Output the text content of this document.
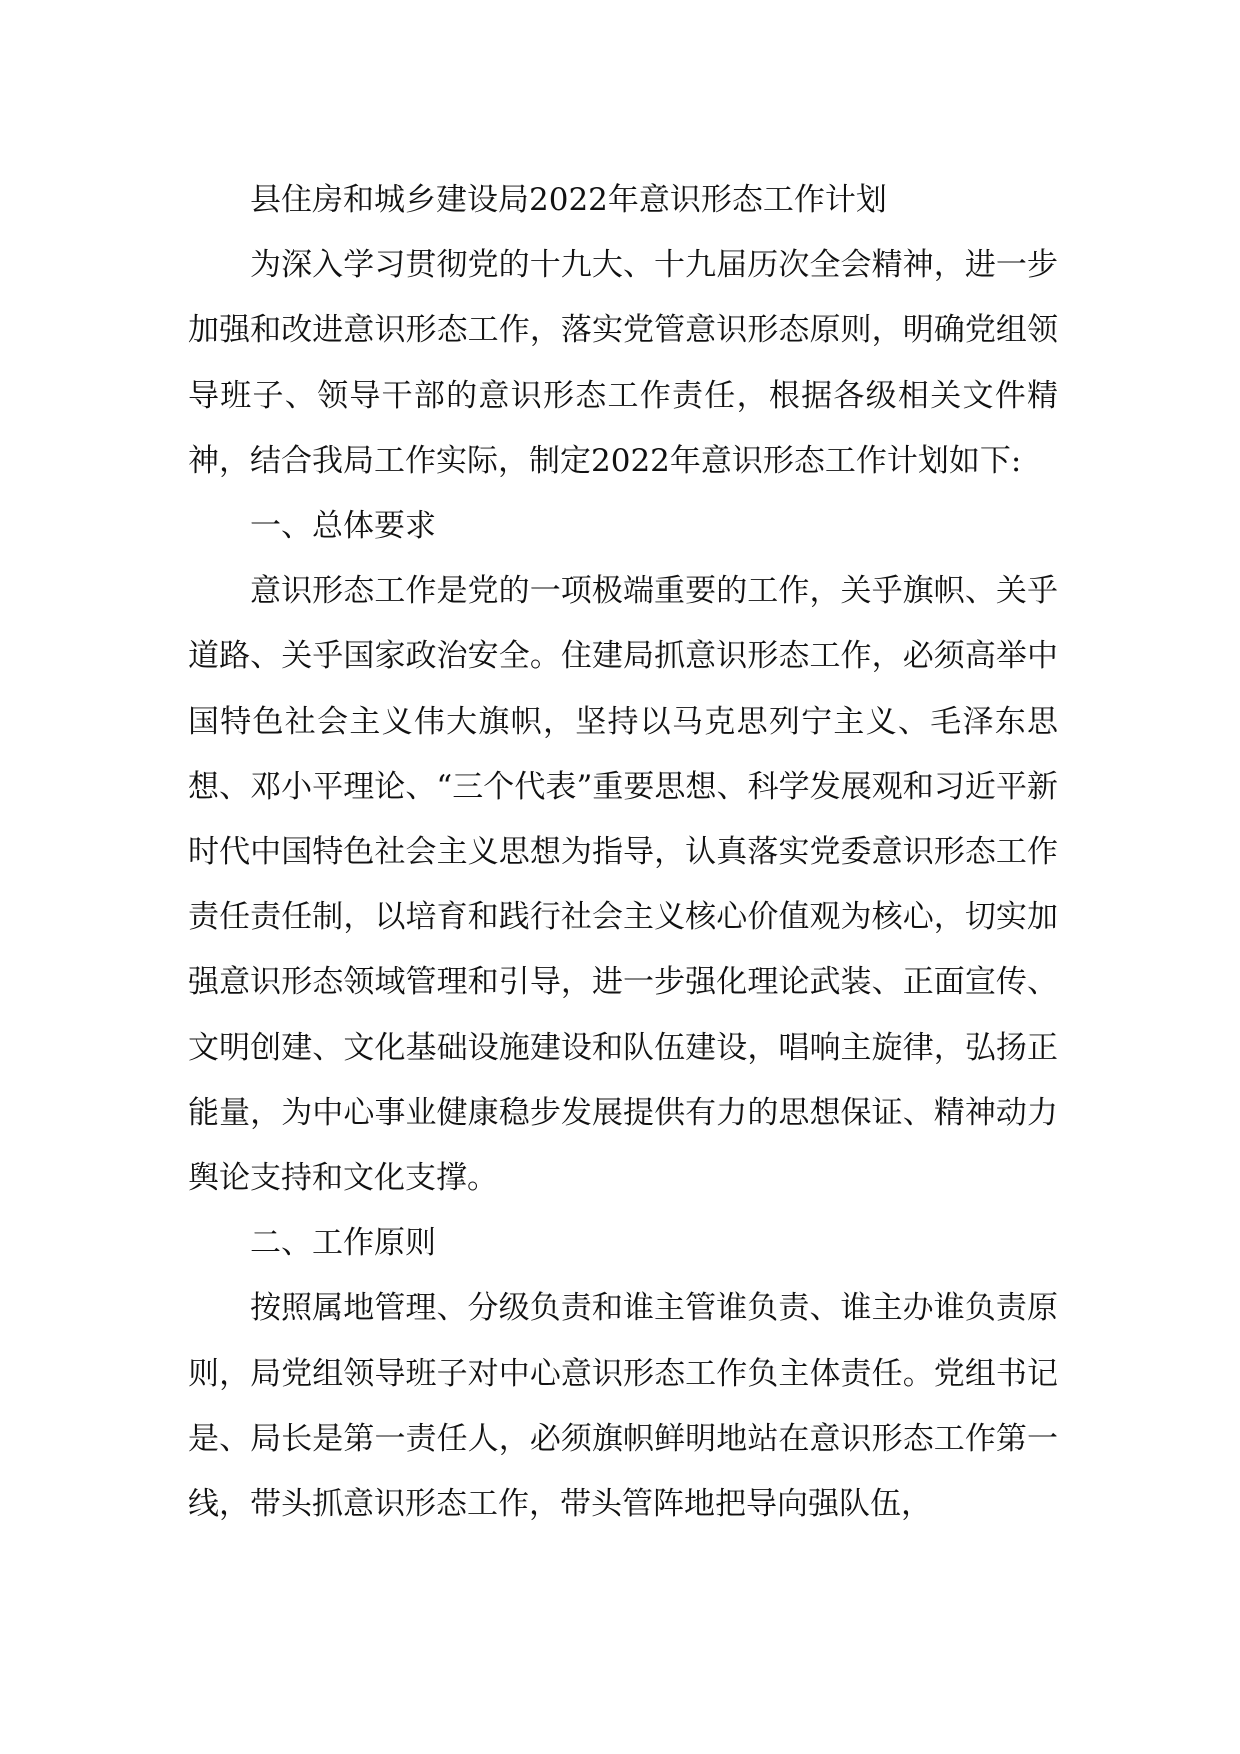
县住房和城乡建设局2022年意识形态工作计划

为深入学习贯彻党的十九大、十九届历次全会精神，进一步加强和改进意识形态工作，落实党管意识形态原则，明确党组领导班子、领导干部的意识形态工作责任，根据各级相关文件精神，结合我局工作实际，制定2022年意识形态工作计划如下:

一、总体要求

意识形态工作是党的一项极端重要的工作，关乎旗帜、关乎道路、关乎国家政治安全。住建局抓意识形态工作，必须高举中国特色社会主义伟大旗帜，坚持以马克思列宁主义、毛泽东思想、邓小平理论、“三个代表”重要思想、科学发展观和习近平新时代中国特色社会主义思想为指导，认真落实党委意识形态工作责任责任制，以培育和践行社会主义核心价值观为核心，切实加强意识形态领域管理和引导，进一步强化理论武装、正面宣传、文明创建、文化基础设施建设和队伍建设，唱响主旋律，弘扬正能量，为中心事业健康稳步发展提供有力的思想保证、精神动力舆论支持和文化支撑。

二、工作原则

按照属地管理、分级负责和谁主管谁负责、谁主办谁负责原则，局党组领导班子对中心意识形态工作负主体责任。党组书记是、局长是第一责任人，必须旗帜鲜明地站在意识形态工作第一线，带头抓意识形态工作，带头管阵地把导向强队伍，
